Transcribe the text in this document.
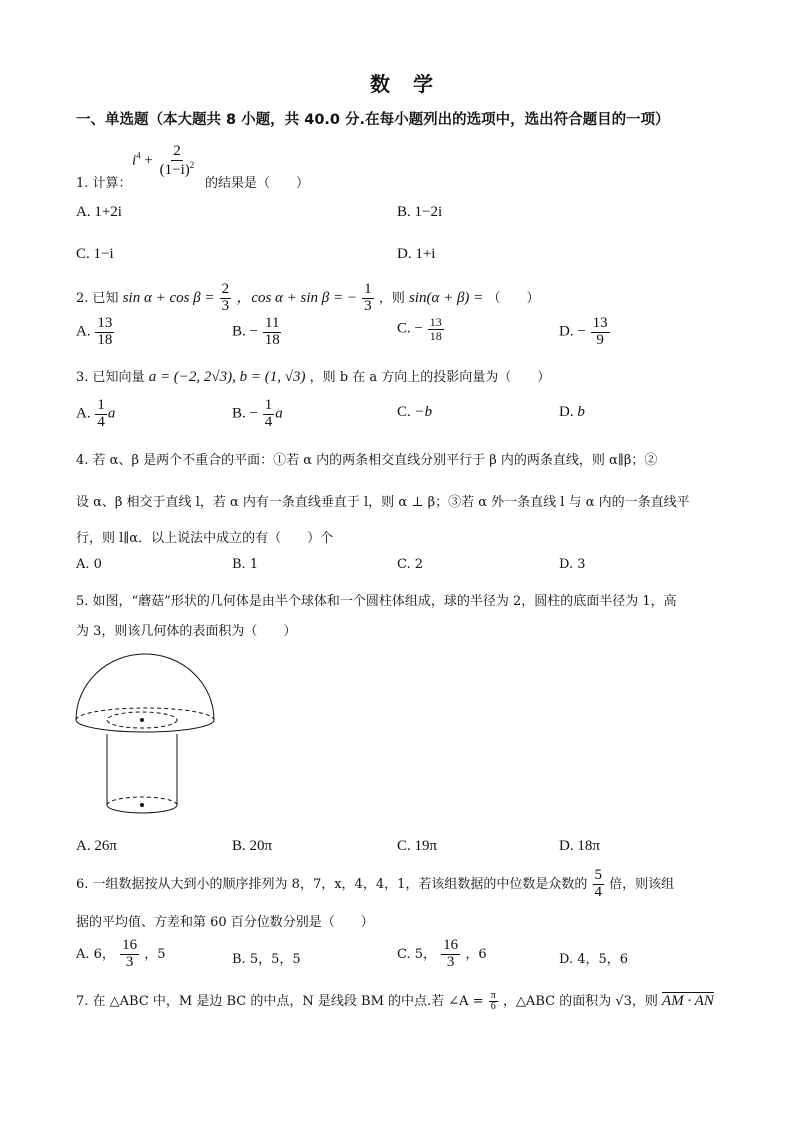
数 学
一、单选题（本大题共 8 小题，共 40.0 分.在每小题列出的选项中，选出符合题目的一项）
1. 计算：
$i^4 + \frac{2}{(1-i)^2}$
的结果是（　　）
A. 1+2i	B. 1−2i
C. 1−i	D. 1+i
2. 已知 $\sin \alpha + \cos \beta = \frac{2}{3}$ ，cos α + sin β = − $\frac{1}{3}$ ，则 sin(α + β) = （　　）
A. $\frac{13}{18}$	B. − $\frac{11}{18}$	C. − $\frac{13}{18}$	D. − $\frac{13}{9}$
3. 已知向量 a = (−2, 2√3), b = (1, √3) ，则 b 在 a 方向上的投影向量为（　　）
A. $\frac{1}{4}$ a	B. − $\frac{1}{4}$ a	C. −b	D. b
4. 若 α、β 是两个不重合的平面：①若 α 内的两条相交直线分别平行于 β 内的两条直线，则 α∥β；②
设 α、β 相交于直线 l，若 α 内有一条直线垂直于 l，则 α ⊥ β；③若 α 外一条直线 l 与 α 内的一条直线平
行，则 l∥α．以上说法中成立的有（　　）个
A. 0	B. 1	C. 2	D. 3
5. 如图，“蘑菇”形状的几何体是由半个球体和一个圆柱体组成，球的半径为 2，圆柱的底面半径为 1，高
为 3，则该几何体的表面积为（　　）
A. 26π	B. 20π	C. 19π	D. 18π
6. 一组数据按从大到小的顺序排列为 8，7，x，4，4，1，若该组数据的中位数是众数的 $\frac{5}{4}$ 倍，则该组
据的平均值、方差和第 60 百分位数分别是（　　）
A. 6， $\frac{16}{3}$ ，5	B. 5，5，5	C. 5， $\frac{16}{3}$ ，6	D. 4，5，6
7. 在 △ABC 中，M 是边 BC 的中点，N 是线段 BM 的中点.若 ∠A = $\frac{\pi}{6}$ ，△ABC 的面积为 √3，则 AM · AN
